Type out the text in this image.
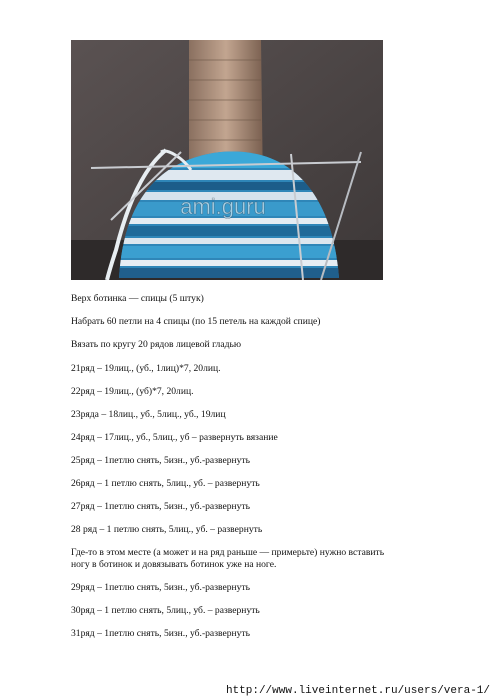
ami.guru
Верх ботинка — спицы (5 штук)
Набрать 60 петли на 4 спицы (по 15 петель на каждой спице)
Вязать по кругу 20 рядов лицевой гладью
21ряд – 19лиц., (уб., 1лиц)*7, 20лиц.
22ряд – 19лиц., (уб)*7, 20лиц.
23ряда – 18лиц., уб., 5лиц., уб., 19лиц
24ряд – 17лиц., уб., 5лиц., уб – развернуть вязание
25ряд – 1петлю снять, 5изн., уб.-развернуть
26ряд – 1 петлю снять, 5лиц., уб. – развернуть
27ряд – 1петлю снять, 5изн., уб.-развернуть
28 ряд – 1 петлю снять, 5лиц., уб. – развернуть
Где-то в этом месте (а может и на ряд раньше — примерьте) нужно вставить ногу в ботинок и довязывать ботинок уже на ноге.
29ряд – 1петлю снять, 5изн., уб.-развернуть
30ряд – 1 петлю снять, 5лиц., уб. – развернуть
31ряд – 1петлю снять, 5изн., уб.-развернуть
http://www.liveinternet.ru/users/vera-1/
